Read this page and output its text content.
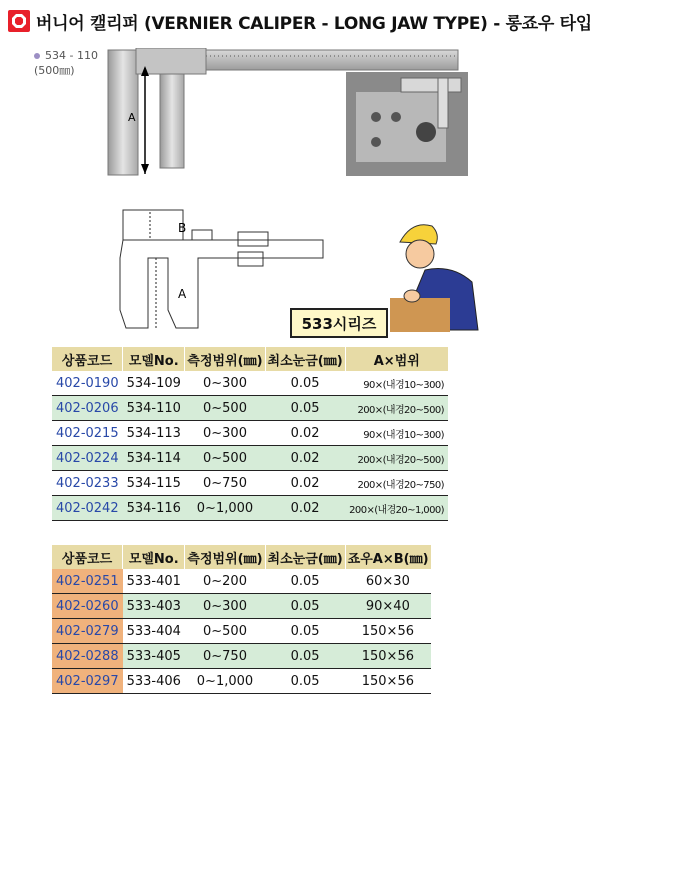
버니어 캘리퍼 (VERNIER CALIPER - LONG JAW TYPE) - 롱죠우 타입
534 - 110
(500㎜)
A
B
A
533시리즈
상품코드	모델No.	측정범위(㎜)	최소눈금(㎜)	A×범위
402-0190	534-109	0~300	0.05	90×(내경10~300)
402-0206	534-110	0~500	0.05	200×(내경20~500)
402-0215	534-113	0~300	0.02	90×(내경10~300)
402-0224	534-114	0~500	0.02	200×(내경20~500)
402-0233	534-115	0~750	0.02	200×(내경20~750)
402-0242	534-116	0~1,000	0.02	200×(내경20~1,000)
상품코드	모델No.	측정범위(㎜)	최소눈금(㎜)	죠우A×B(㎜)
402-0251	533-401	0~200	0.05	60×30
402-0260	533-403	0~300	0.05	90×40
402-0279	533-404	0~500	0.05	150×56
402-0288	533-405	0~750	0.05	150×56
402-0297	533-406	0~1,000	0.05	150×56
